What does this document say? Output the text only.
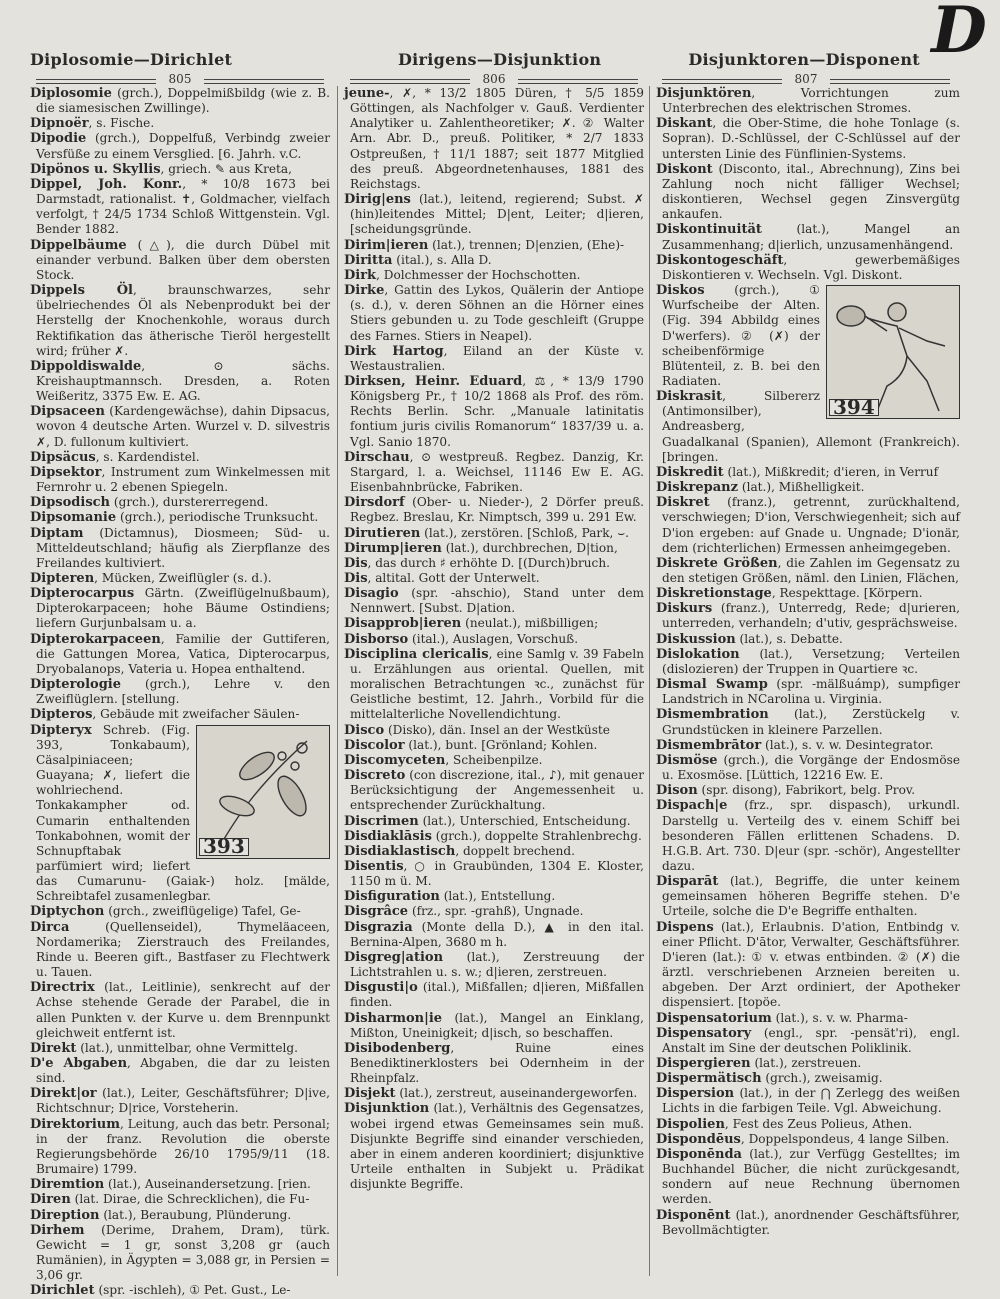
D
Diplosomie—Dirichlet	Dirigens—Disjunktion	Disjunktoren—Disponent
805	806	807
Diplosomie (grch.), Doppelmißbildg (wie z. B. die siamesischen Zwillinge).
Dipnoër, s. Fische.
Dipodie (grch.), Doppelfuß, Verbindg zweier Versfüße zu einem Versglied. [6. Jahrh. v.C.
Dipönos u. Skyllis, griech. ✎ aus Kreta,
Dippel, Joh. Konr., * 10/8 1673 bei Darmstadt, rationalist. ✝, Goldmacher, vielfach verfolgt, † 24/5 1734 Schloß Wittgenstein. Vgl. Bender 1882.
Dippelbäume (△), die durch Dübel mit einander verbund. Balken über dem obersten Stock.
Dippels Öl, braunschwarzes, sehr übelriechendes Öl als Nebenprodukt bei der Herstellg der Knochenkohle, woraus durch Rektifikation das ätherische Tieröl hergestellt wird; früher ✗.
Dippoldiswalde, ⊙ sächs. Kreishauptmannsch. Dresden, a. Roten Weißeritz, 3375 Ew. E. AG.
Dipsaceen (Kardengewächse), dahin Dipsacus, wovon 4 deutsche Arten. Wurzel v. D. silvestris ✗, D. fullonum kultiviert.
Dipsäcus, s. Kardendistel.
Dipsektor, Instrument zum Winkelmessen mit Fernrohr u. 2 ebenen Spiegeln.
Dipsodisch (grch.), durstererregend.
Dipsomanie (grch.), periodische Trunksucht.
Diptam (Dictamnus), Diosmeen; Süd- u. Mitteldeutschland; häufig als Zierpflanze des Freilandes kultiviert.
Dipteren, Mücken, Zweiflügler (s. d.).
Dipterocarpus Gärtn. (Zweiflügelnußbaum), Dipterokarpaceen; hohe Bäume Ostindiens; liefern Gurjunbalsam u. a.
Dipterokarpaceen, Familie der Guttiferen, die Gattungen Morea, Vatica, Dipterocarpus, Dryobalanops, Vateria u. Hopea enthaltend.
Dipterologie (grch.), Lehre v. den Zweiflüglern. [stellung.
Dipteros, Gebäude mit zweifacher Säulen-
393
Dipteryx Schreb. (Fig. 393, Tonkabaum), Cäsalpiniaceen; Guayana; ✗, liefert die wohlriechend. Tonkakampher od. Cumarin enthaltenden Tonkabohnen, womit der Schnupftabak parfümiert wird; liefert das Cumarunu- (Gaiak-) holz. [mälde, Schreibtafel zusamenlegbar.
Diptychon (grch., zweiflügelige) Tafel, Ge-
Dirca (Quellenseidel), Thymeläaceen, Nordamerika; Zierstrauch des Freilandes, Rinde u. Beeren gift., Bastfaser zu Flechtwerk u. Tauen.
Directrix (lat., Leitlinie), senkrecht auf der Achse stehende Gerade der Parabel, die in allen Punkten v. der Kurve u. dem Brennpunkt gleichweit entfernt ist.
Direkt (lat.), unmittelbar, ohne Vermittelg.
D'e Abgaben, Abgaben, die dar zu leisten sind.
Direkt|or (lat.), Leiter, Geschäftsführer; D|ive, Richtschnur; D|rice, Vorsteherin.
Direktorium, Leitung, auch das betr. Personal; in der franz. Revolution die oberste Regierungsbehörde 26/10 1795/9/11 (18. Brumaire) 1799.
Diremtion (lat.), Auseinandersetzung. [rien.
Diren (lat. Dirae, die Schrecklichen), die Fu-
Direption (lat.), Beraubung, Plünderung.
Dirhem (Derime, Drahem, Dram), türk. Gewicht = 1 gr, sonst 3,208 gr (auch Rumänien), in Ägypten = 3,088 gr, in Persien = 3,06 gr.
Dirichlet (spr. -ischleh), ① Pet. Gust., Le-
jeune-, ✗, * 13/2 1805 Düren, † 5/5 1859 Göttingen, als Nachfolger v. Gauß. Verdienter Analytiker u. Zahlentheoretiker; ✗. ② Walter Arn. Abr. D., preuß. Politiker, * 2/7 1833 Ostpreußen, † 11/1 1887; seit 1877 Mitglied des preuß. Abgeordnetenhauses, 1881 des Reichstags.
Dirig|ens (lat.), leitend, regierend; Subst. ✗ (hin)leitendes Mittel; D|ent, Leiter; d|ieren, [scheidungsgründe.
Dirim|ieren (lat.), trennen; D|enzien, (Ehe)-
Diritta (ital.), s. Alla D.
Dirk, Dolchmesser der Hochschotten.
Dirke, Gattin des Lykos, Quälerin der Antiope (s. d.), v. deren Söhnen an die Hörner eines Stiers gebunden u. zu Tode geschleift (Gruppe des Farnes. Stiers in Neapel).
Dirk Hartog, Eiland an der Küste v. Westaustralien.
Dirksen, Heinr. Eduard, ⚖, * 13/9 1790 Königsberg Pr., † 10/2 1868 als Prof. des röm. Rechts Berlin. Schr. „Manuale latinitatis fontium juris civilis Romanorum“ 1837/39 u. a. Vgl. Sanio 1870.
Dirschau, ⊙ westpreuß. Regbez. Danzig, Kr. Stargard, l. a. Weichsel, 11146 Ew E. AG. Eisenbahnbrücke, Fabriken.
Dirsdorf (Ober- u. Nieder-), 2 Dörfer preuß. Regbez. Breslau, Kr. Nimptsch, 399 u. 291 Ew.
Dirutieren (lat.), zerstören. [Schloß, Park, ⌣.
Dirump|ieren (lat.), durchbrechen, D|tion,
Dis, das durch ♯ erhöhte D. [(Durch)bruch.
Dis, altital. Gott der Unterwelt.
Disagio (spr. -ahschio), Stand unter dem Nennwert. [Subst. D|ation.
Disapprob|ieren (neulat.), mißbilligen;
Disborso (ital.), Auslagen, Vorschuß.
Disciplina clericalis, eine Samlg v. 39 Fabeln u. Erzählungen aus oriental. Quellen, mit moralischen Betrachtungen ꝛc., zunächst für Geistliche bestimt, 12. Jahrh., Vorbild für die mittelalterliche Novellendichtung.
Disco (Disko), dän. Insel an der Westküste
Discolor (lat.), bunt. [Grönland; Kohlen.
Discomyceten, Scheibenpilze.
Discreto (con discrezione, ital., ♪), mit genauer Berücksichtigung der Angemessenheit u. entsprechender Zurückhaltung.
Discrimen (lat.), Unterschied, Entscheidung.
Disdiaklāsis (grch.), doppelte Strahlenbrechg.
Disdiaklastisch, doppelt brechend.
Disentis, ○ in Graubünden, 1304 E. Kloster, 1150 m ü. M.
Disfiguration (lat.), Entstellung.
Disgrâce (frz., spr. -grahß), Ungnade.
Disgrazia (Monte della D.), ▲ in den ital. Bernina-Alpen, 3680 m h.
Disgreg|ation (lat.), Zerstreuung der Lichtstrahlen u. s. w.; d|ieren, zerstreuen.
Disgusti|o (ital.), Mißfallen; d|ieren, Mißfallen finden.
Disharmon|ie (lat.), Mangel an Einklang, Mißton, Uneinigkeit; d|isch, so beschaffen.
Disibodenberg, Ruine eines Benediktinerklosters bei Odernheim in der Rheinpfalz.
Disjekt (lat.), zerstreut, auseinandergeworfen.
Disjunktion (lat.), Verhältnis des Gegensatzes, wobei irgend etwas Gemeinsames sein muß. Disjunkte Begriffe sind einander verschieden, aber in einem anderen koordiniert; disjunktive Urteile enthalten in Subjekt u. Prädikat disjunkte Begriffe.
Disjunktören, Vorrichtungen zum Unterbrechen des elektrischen Stromes.
Diskant, die Ober-Stime, die hohe Tonlage (s. Sopran). D.-Schlüssel, der C-Schlüssel auf der untersten Linie des Fünflinien-Systems.
Diskont (Disconto, ital., Abrechnung), Zins bei Zahlung noch nicht fälliger Wechsel; diskontieren, Wechsel gegen Zinsvergütg ankaufen.
Diskontinuität (lat.), Mangel an Zusammenhang; d|ierlich, unzusamenhängend.
Diskontogeschäft, gewerbemäßiges Diskontieren v. Wechseln. Vgl. Diskont.
394
Diskos (grch.), ① Wurfscheibe der Alten. (Fig. 394 Abbildg eines D'werfers). ② (✗) der scheibenförmige Blütenteil, z. B. bei den Radiaten.
Diskrasit, Silbererz (Antimonsilber), Andreasberg, Guadalkanal (Spanien), Allemont (Frankreich). [bringen.
Diskredit (lat.), Mißkredit; d'ieren, in Verruf
Diskrepanz (lat.), Mißhelligkeit.
Diskret (franz.), getrennt, zurückhaltend, verschwiegen; D'ion, Verschwiegenheit; sich auf D'ion ergeben: auf Gnade u. Ungnade; D'ionär, dem (richterlichen) Ermessen anheimgegeben.
Diskrete Größen, die Zahlen im Gegensatz zu den stetigen Größen, näml. den Linien, Flächen,
Diskretionstage, Respekttage. [Körpern.
Diskurs (franz.), Unterredg, Rede; d|urieren, unterreden, verhandeln; d'utiv, gesprächsweise.
Diskussion (lat.), s. Debatte.
Dislokation (lat.), Versetzung; Verteilen (dislozieren) der Truppen in Quartiere ꝛc.
Dismal Swamp (spr. -mälßuámp), sumpfiger Landstrich in NCarolina u. Virginia.
Dismembration (lat.), Zerstückelg v. Grundstücken in kleinere Parzellen.
Dismembrātor (lat.), s. v. w. Desintegrator.
Dismöse (grch.), die Vorgänge der Endosmöse u. Exosmöse. [Lüttich, 12216 Ew. E.
Dison (spr. disong), Fabrikort, belg. Prov.
Dispach|e (frz., spr. dispasch), urkundl. Darstellg u. Verteilg des v. einem Schiff bei besonderen Fällen erlittenen Schadens. D. H.G.B. Art. 730. D|eur (spr. -schör), Angestellter dazu.
Disparāt (lat.), Begriffe, die unter keinem gemeinsamen höheren Begriffe stehen. D'e Urteile, solche die D'e Begriffe enthalten.
Dispens (lat.), Erlaubnis. D'ation, Entbindg v. einer Pflicht. D'ātor, Verwalter, Geschäftsführer. D'ieren (lat.): ① v. etwas entbinden. ② (✗) die ärztl. verschriebenen Arzneien bereiten u. abgeben. Der Arzt ordiniert, der Apotheker dispensiert. [topöe.
Dispensatorium (lat.), s. v. w. Pharma-
Dispensatory (engl., spr. -pensät'ri), engl. Anstalt im Sine der deutschen Poliklinik.
Dispergieren (lat.), zerstreuen.
Dispermätisch (grch.), zweisamig.
Dispersion (lat.), in der ⋂ Zerlegg des weißen Lichts in die farbigen Teile. Vgl. Abweichung.
Dispolien, Fest des Zeus Polieus, Athen.
Dispondēus, Doppelspondeus, 4 lange Silben.
Disponēnda (lat.), zur Verfügg Gestelltes; im Buchhandel Bücher, die nicht zurückgesandt, sondern auf neue Rechnung übernomen werden.
Disponēnt (lat.), anordnender Geschäftsführer, Bevollmächtigter.
